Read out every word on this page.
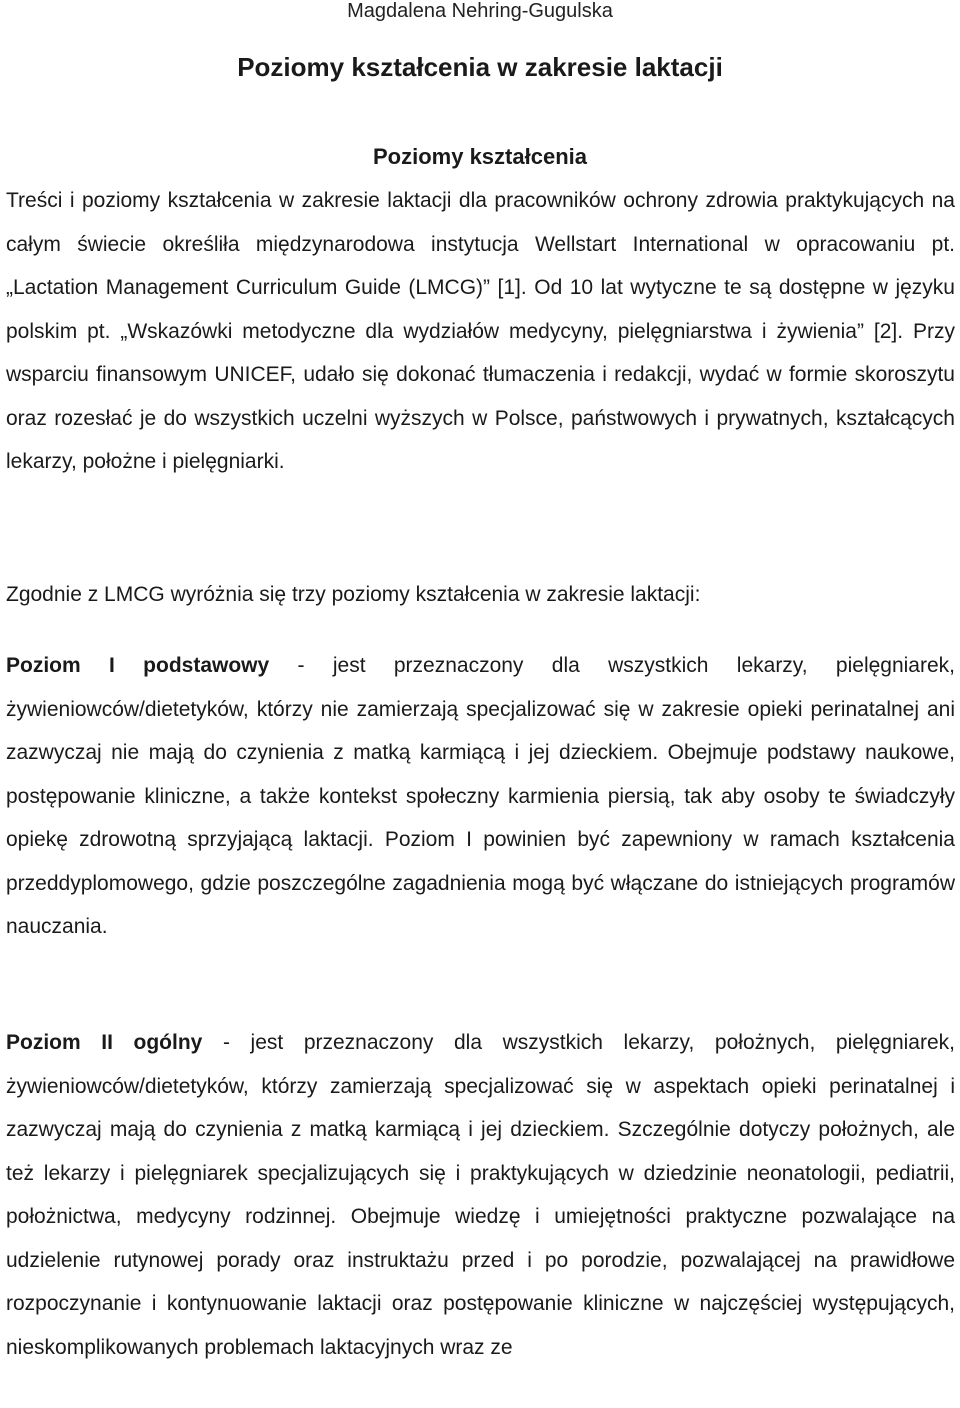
Magdalena Nehring-Gugulska
Poziomy kształcenia w zakresie laktacji
Poziomy kształcenia

Treści i poziomy kształcenia w zakresie laktacji dla pracowników ochrony zdrowia praktykujących na całym świecie określiła międzynarodowa instytucja Wellstart International w opracowaniu pt. „Lactation Management Curriculum Guide (LMCG)” [1]. Od 10 lat wytyczne te są dostępne w języku polskim pt. „Wskazówki metodyczne dla wydziałów medycyny, pielęgniarstwa i żywienia” [2]. Przy wsparciu finansowym UNICEF, udało się dokonać tłumaczenia i redakcji, wydać w formie skoroszytu oraz rozesłać je do wszystkich uczelni wyższych w Polsce, państwowych i prywatnych, kształcących lekarzy, położne i pielęgniarki.

Zgodnie z LMCG wyróżnia się trzy poziomy kształcenia w zakresie laktacji:

Poziom I podstawowy - jest przeznaczony dla wszystkich lekarzy, pielęgniarek, żywieniowców/dietetyków, którzy nie zamierzają specjalizować się w zakresie opieki perinatalnej ani zazwyczaj nie mają do czynienia z matką karmiącą i jej dzieckiem. Obejmuje podstawy naukowe, postępowanie kliniczne, a także kontekst społeczny karmienia piersią, tak aby osoby te świadczyły opiekę zdrowotną sprzyjającą laktacji. Poziom I powinien być zapewniony w ramach kształcenia przeddyplomowego, gdzie poszczególne zagadnienia mogą być włączane do istniejących programów nauczania.

Poziom II ogólny - jest przeznaczony dla wszystkich lekarzy, położnych, pielęgniarek, żywieniowców/dietetyków, którzy zamierzają specjalizować się w aspektach opieki perinatalnej i zazwyczaj mają do czynienia z matką karmiącą i jej dzieckiem. Szczególnie dotyczy położnych, ale też lekarzy i pielęgniarek specjalizujących się i praktykujących w dziedzinie neonatologii, pediatrii, położnictwa, medycyny rodzinnej. Obejmuje wiedzę i umiejętności praktyczne pozwalające na udzielenie rutynowej porady oraz instruktażu przed i po porodzie, pozwalającej na prawidłowe rozpoczynanie i kontynuowanie laktacji oraz postępowanie kliniczne w najczęściej występujących, nieskomplikowanych problemach laktacyjnych wraz ze
